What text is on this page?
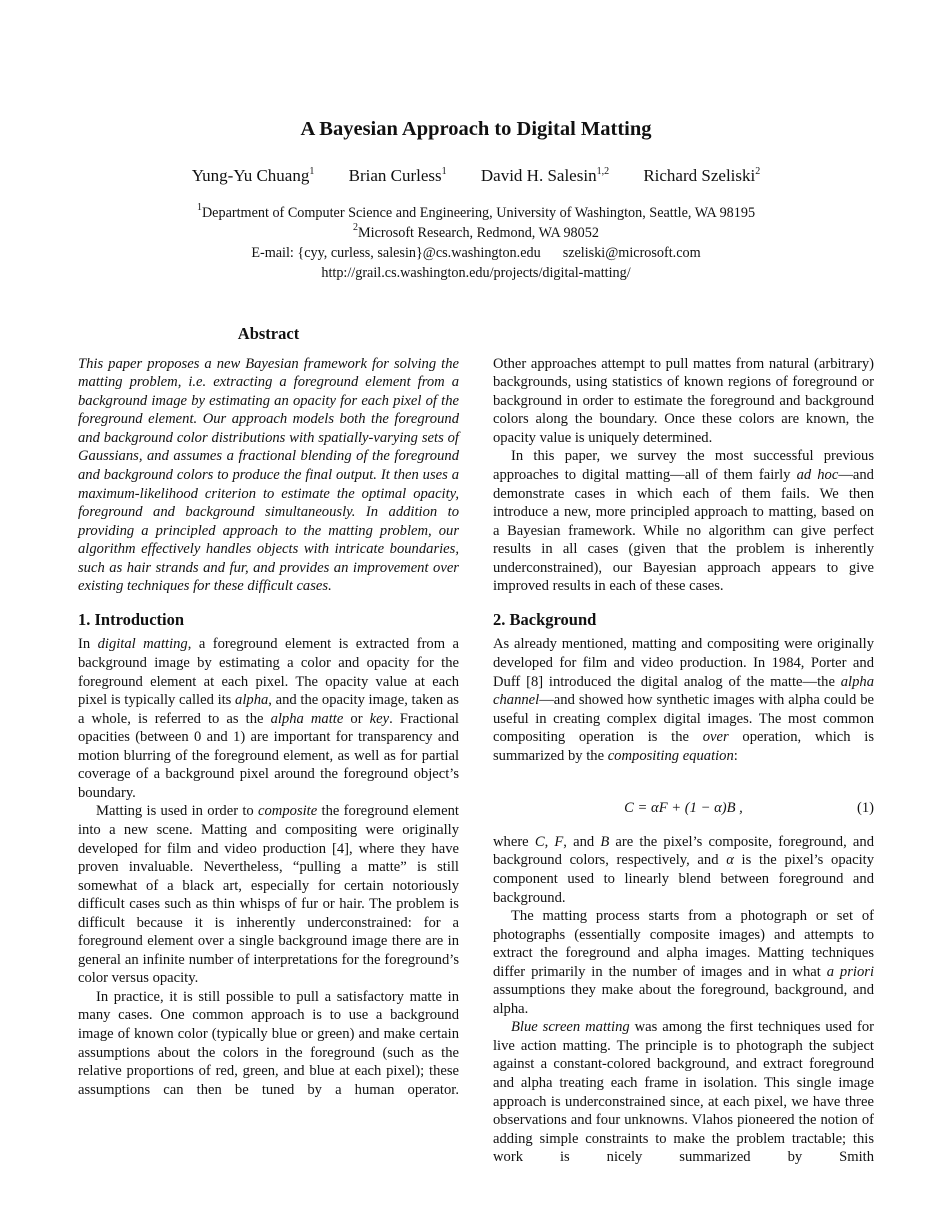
A Bayesian Approach to Digital Matting
Yung-Yu Chuang$^1$ Brian Curless$^1$ David H. Salesin$^{1,2}$ Richard Szeliski$^2$
$^1$Department of Computer Science and Engineering, University of Washington, Seattle, WA 98195
$^2$Microsoft Research, Redmond, WA 98052
E-mail: {cyy, curless, salesin}@cs.washington.edu szeliski@microsoft.com
http://grail.cs.washington.edu/projects/digital-matting/
Abstract

This paper proposes a new Bayesian framework for solving the matting problem, i.e. extracting a foreground element from a background image by estimating an opacity for each pixel of the foreground element. Our approach models both the foreground and background color distributions with spatially-varying sets of Gaussians, and assumes a fractional blending of the foreground and background colors to produce the final output. It then uses a maximum-likelihood criterion to estimate the optimal opacity, foreground and background simultaneously. In addition to providing a principled approach to the matting problem, our algorithm effectively handles objects with intricate boundaries, such as hair strands and fur, and provides an improvement over existing techniques for these difficult cases.

1. Introduction

In digital matting, a foreground element is extracted from a background image by estimating a color and opacity for the foreground element at each pixel. The opacity value at each pixel is typically called its alpha, and the opacity image, taken as a whole, is referred to as the alpha matte or key. Fractional opacities (between 0 and 1) are important for transparency and motion blurring of the foreground element, as well as for partial coverage of a background pixel around the foreground object’s boundary.

Matting is used in order to composite the foreground element into a new scene. Matting and compositing were originally developed for film and video production [4], where they have proven invaluable. Nevertheless, “pulling a matte” is still somewhat of a black art, especially for certain notoriously difficult cases such as thin whisps of fur or hair. The problem is difficult because it is inherently underconstrained: for a foreground element over a single background image there are in general an infinite number of interpretations for the foreground’s color versus opacity.

In practice, it is still possible to pull a satisfactory matte in many cases. One common approach is to use a background image of known color (typically blue or green) and make certain assumptions about the colors in the foreground (such as the relative proportions of red, green, and blue at each pixel); these assumptions can then be tuned by a human operator.

Other approaches attempt to pull mattes from natural (arbitrary) backgrounds, using statistics of known regions of foreground or background in order to estimate the foreground and background colors along the boundary. Once these colors are known, the opacity value is uniquely determined.

In this paper, we survey the most successful previous approaches to digital matting—all of them fairly ad hoc—and demonstrate cases in which each of them fails. We then introduce a new, more principled approach to matting, based on a Bayesian framework. While no algorithm can give perfect results in all cases (given that the problem is inherently underconstrained), our Bayesian approach appears to give improved results in each of these cases.

2. Background

As already mentioned, matting and compositing were originally developed for film and video production. In 1984, Porter and Duff [8] introduced the digital analog of the matte—the alpha channel—and showed how synthetic images with alpha could be useful in creating complex digital images. The most common compositing operation is the over operation, which is summarized by the compositing equation:

C = αF + (1 − α)B ,	(1)

where C, F, and B are the pixel’s composite, foreground, and background colors, respectively, and α is the pixel’s opacity component used to linearly blend between foreground and background.

The matting process starts from a photograph or set of photographs (essentially composite images) and attempts to extract the foreground and alpha images. Matting techniques differ primarily in the number of images and in what a priori assumptions they make about the foreground, background, and alpha.

Blue screen matting was among the first techniques used for live action matting. The principle is to photograph the subject against a constant-colored background, and extract foreground and alpha treating each frame in isolation. This single image approach is underconstrained since, at each pixel, we have three observations and four unknowns. Vlahos pioneered the notion of adding simple constraints to make the problem tractable; this work is nicely summarized by Smith
